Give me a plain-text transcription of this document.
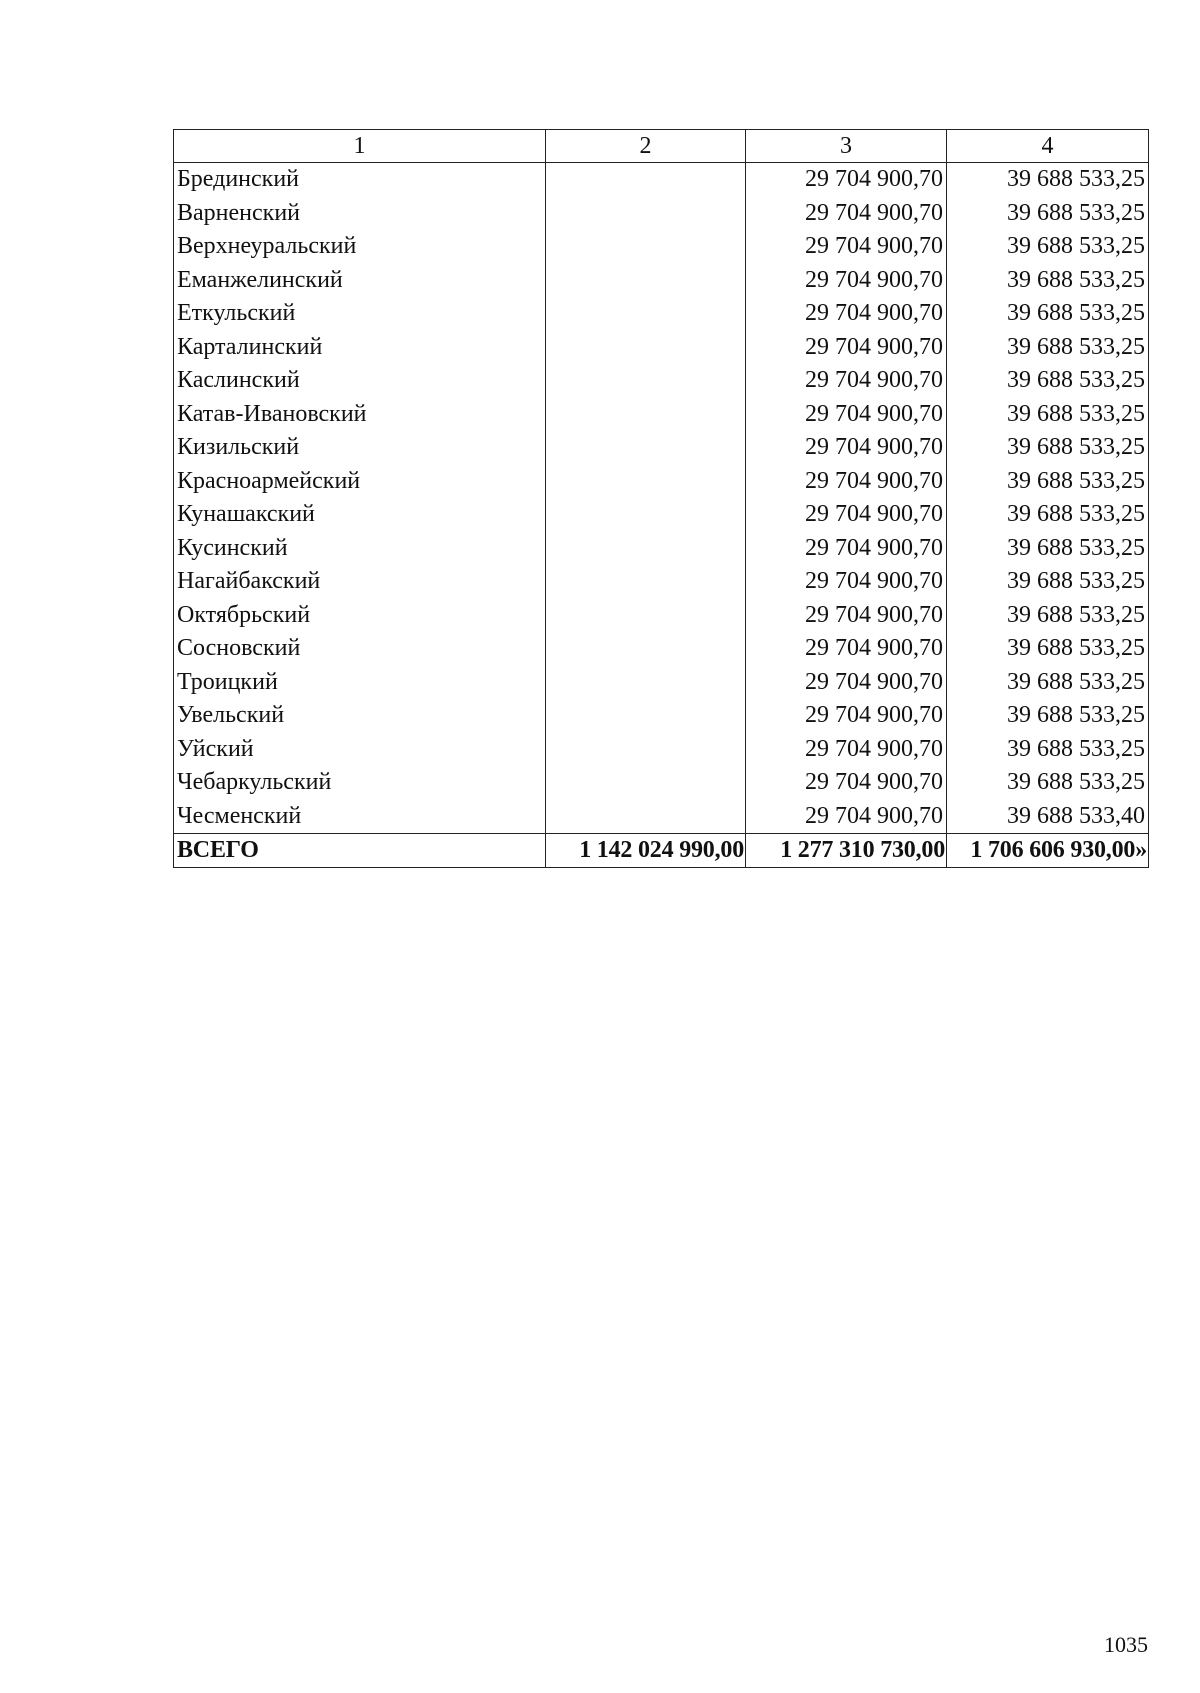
1	2	3	4
Брединский		29 704 900,70	39 688 533,25
Варненский		29 704 900,70	39 688 533,25
Верхнеуральский		29 704 900,70	39 688 533,25
Еманжелинский		29 704 900,70	39 688 533,25
Еткульский		29 704 900,70	39 688 533,25
Карталинский		29 704 900,70	39 688 533,25
Каслинский		29 704 900,70	39 688 533,25
Катав-Ивановский		29 704 900,70	39 688 533,25
Кизильский		29 704 900,70	39 688 533,25
Красноармейский		29 704 900,70	39 688 533,25
Кунашакский		29 704 900,70	39 688 533,25
Кусинский		29 704 900,70	39 688 533,25
Нагайбакский		29 704 900,70	39 688 533,25
Октябрьский		29 704 900,70	39 688 533,25
Сосновский		29 704 900,70	39 688 533,25
Троицкий		29 704 900,70	39 688 533,25
Увельский		29 704 900,70	39 688 533,25
Уйский		29 704 900,70	39 688 533,25
Чебаркульский		29 704 900,70	39 688 533,25
Чесменский		29 704 900,70	39 688 533,40
ВСЕГО	1 142 024 990,00	1 277 310 730,00	1 706 606 930,00»
1035
